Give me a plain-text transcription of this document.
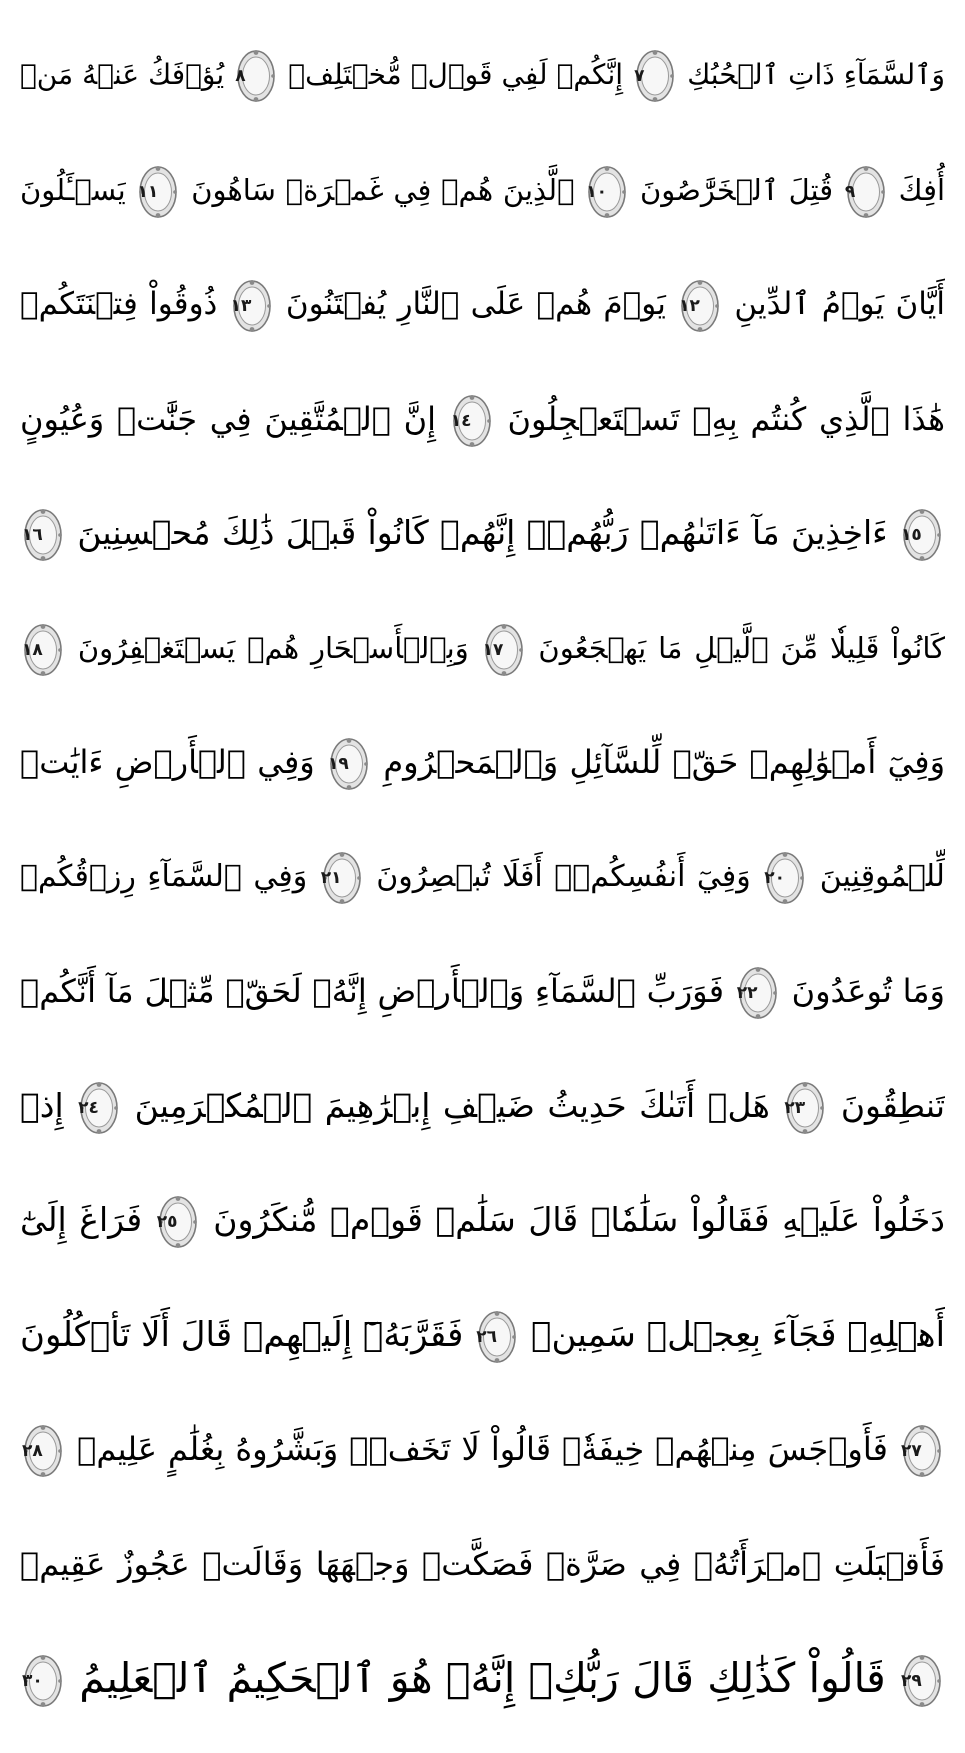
وَٱلسَّمَآءِ ذَاتِ ٱلۡحُبُكِ
٧
إِنَّكُمۡ لَفِي قَوۡلٖ مُّخۡتَلِفٖ
٨
يُؤۡفَكُ عَنۡهُ مَنۡ
أُفِكَ
٩
قُتِلَ ٱلۡخَرَّٰصُونَ
١٠
ٱلَّذِينَ هُمۡ فِي غَمۡرَةٖ سَاهُونَ
١١
يَسۡـَٔلُونَ
أَيَّانَ يَوۡمُ ٱلدِّينِ
١٢
يَوۡمَ هُمۡ عَلَى ٱلنَّارِ يُفۡتَنُونَ
١٣
ذُوقُواْ فِتۡنَتَكُمۡ
هَٰذَا ٱلَّذِي كُنتُم بِهِۦ تَسۡتَعۡجِلُونَ
١٤
إِنَّ ٱلۡمُتَّقِينَ فِي جَنَّٰتٖ وَعُيُونٍ
١٥
ءَاخِذِينَ مَآ ءَاتَىٰهُمۡ رَبُّهُمۡۚ إِنَّهُمۡ كَانُواْ قَبۡلَ ذَٰلِكَ مُحۡسِنِينَ
١٦
كَانُواْ قَلِيلٗا مِّنَ ٱلَّيۡلِ مَا يَهۡجَعُونَ
١٧
وَبِٱلۡأَسۡحَارِ هُمۡ يَسۡتَغۡفِرُونَ
١٨
وَفِيٓ أَمۡوَٰلِهِمۡ حَقّٞ لِّلسَّآئِلِ وَٱلۡمَحۡرُومِ
١٩
وَفِي ٱلۡأَرۡضِ ءَايَٰتٞ
لِّلۡمُوقِنِينَ
٢٠
وَفِيٓ أَنفُسِكُمۡۚ أَفَلَا تُبۡصِرُونَ
٢١
وَفِي ٱلسَّمَآءِ رِزۡقُكُمۡ
وَمَا تُوعَدُونَ
٢٢
فَوَرَبِّ ٱلسَّمَآءِ وَٱلۡأَرۡضِ إِنَّهُۥ لَحَقّٞ مِّثۡلَ مَآ أَنَّكُمۡ
تَنطِقُونَ
٢٣
هَلۡ أَتَىٰكَ حَدِيثُ ضَيۡفِ إِبۡرَٰهِيمَ ٱلۡمُكۡرَمِينَ
٢٤
إِذۡ
دَخَلُواْ عَلَيۡهِ فَقَالُواْ سَلَٰمٗاۖ قَالَ سَلَٰمٞ قَوۡمٞ مُّنكَرُونَ
٢٥
فَرَاغَ إِلَىٰٓ
أَهۡلِهِۦ فَجَآءَ بِعِجۡلٖ سَمِينٖ
٢٦
فَقَرَّبَهُۥٓ إِلَيۡهِمۡ قَالَ أَلَا تَأۡكُلُونَ
٢٧
فَأَوۡجَسَ مِنۡهُمۡ خِيفَةٗۖ قَالُواْ لَا تَخَفۡۖ وَبَشَّرُوهُ بِغُلَٰمٍ عَلِيمٖ
٢٨
فَأَقۡبَلَتِ ٱمۡرَأَتُهُۥ فِي صَرَّةٖ فَصَكَّتۡ وَجۡهَهَا وَقَالَتۡ عَجُوزٌ عَقِيمٞ
٢٩
قَالُواْ كَذَٰلِكِ قَالَ رَبُّكِۖ إِنَّهُۥ هُوَ ٱلۡحَكِيمُ ٱلۡعَلِيمُ
٣٠
